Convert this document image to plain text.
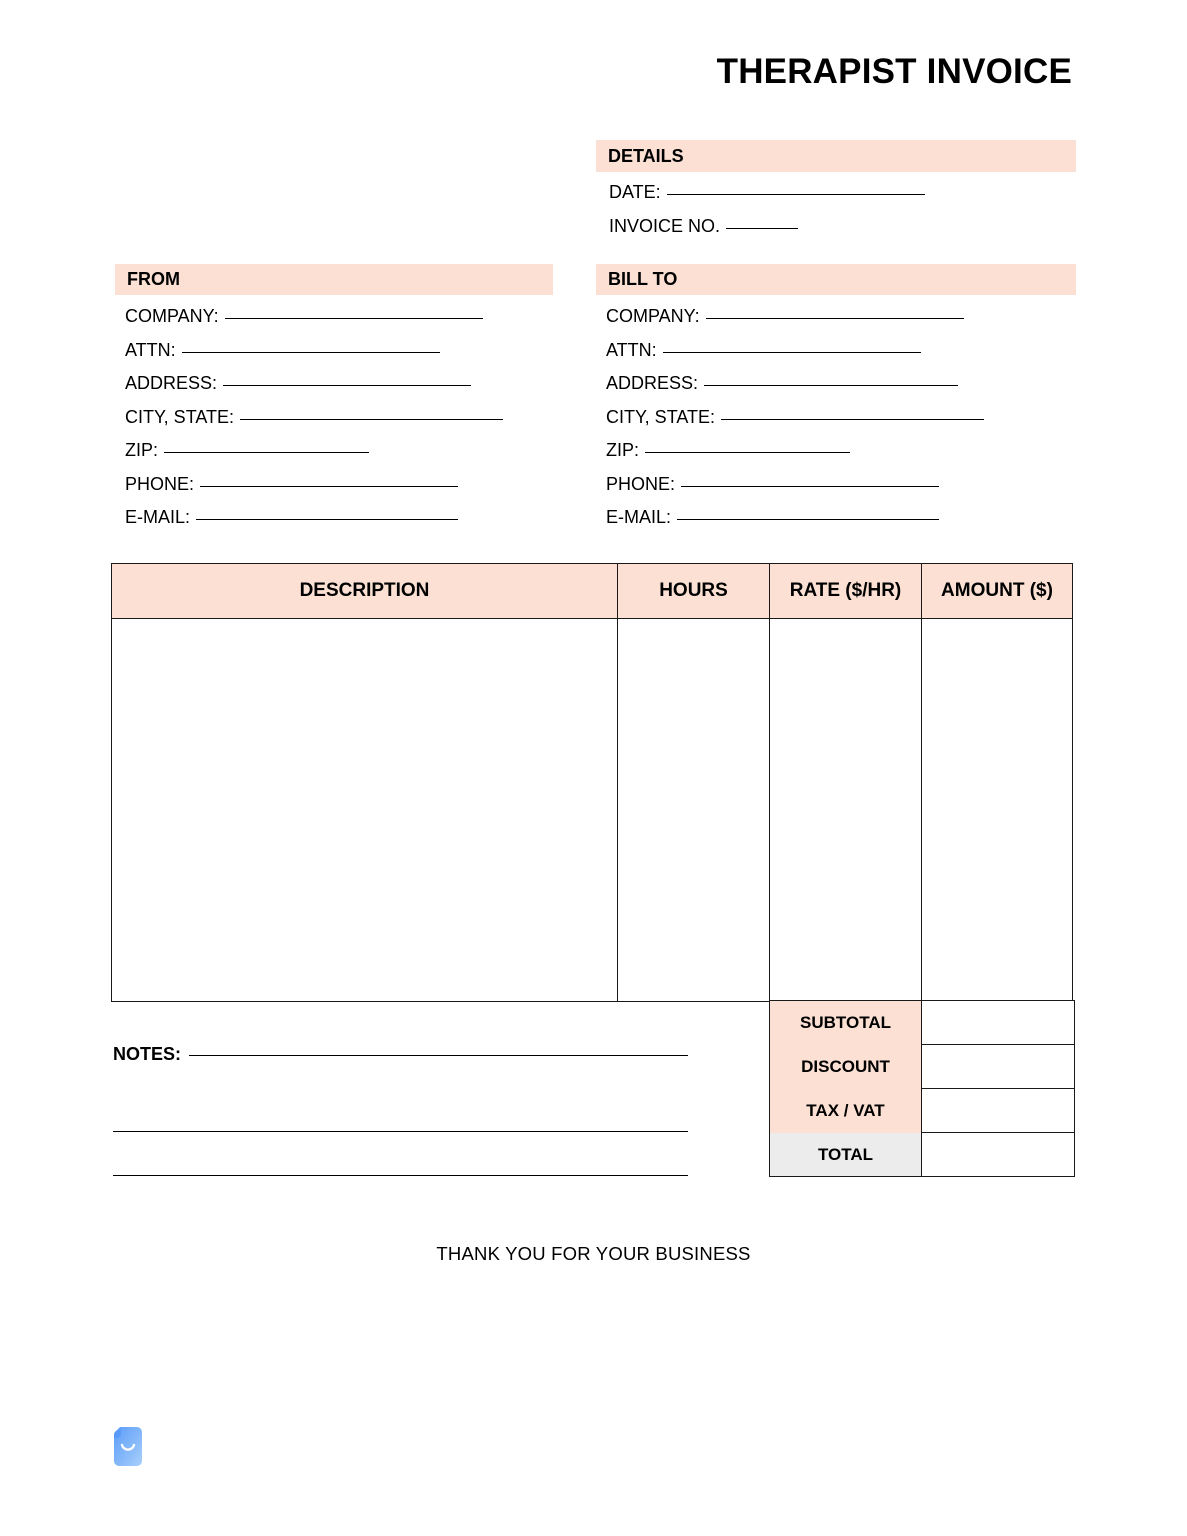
THERAPIST INVOICE
DETAILS
DATE:
INVOICE NO.
FROM
COMPANY:
ATTN:
ADDRESS:
CITY, STATE:
ZIP:
PHONE:
E-MAIL:
BILL TO
COMPANY:
ATTN:
ADDRESS:
CITY, STATE:
ZIP:
PHONE:
E-MAIL:
DESCRIPTION	HOURS	RATE ($/HR)	AMOUNT ($)

SUBTOTAL	
DISCOUNT	
TAX / VAT	
TOTAL	
NOTES:
THANK YOU FOR YOUR BUSINESS
